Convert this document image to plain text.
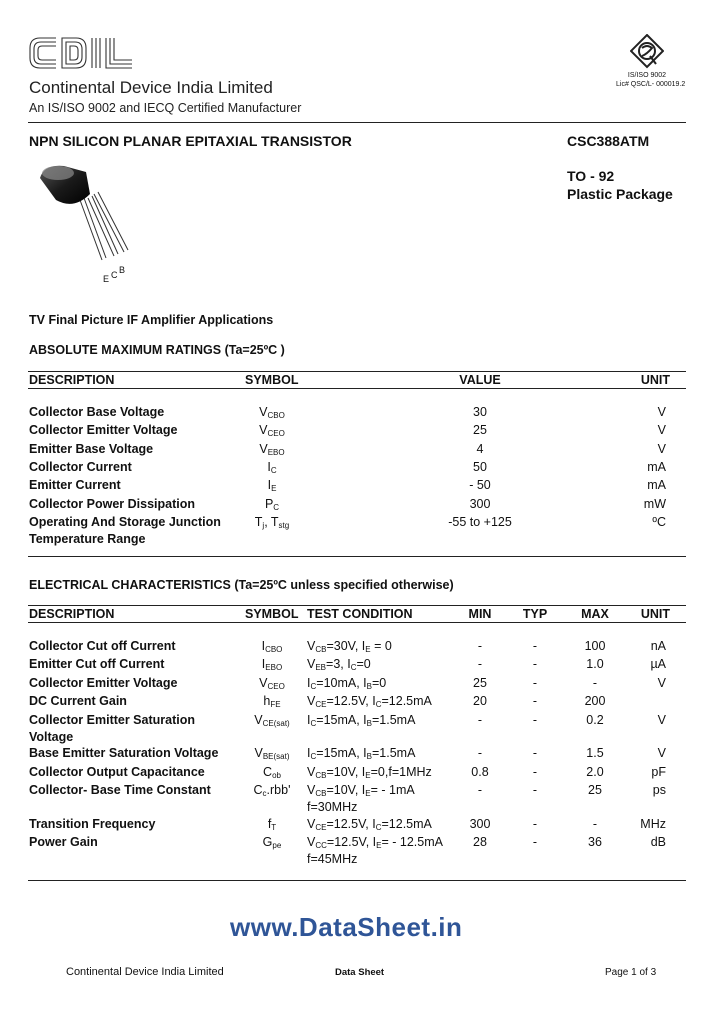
Continental Device India Limited
An IS/ISO 9002 and IECQ Certified Manufacturer
IS/ISO 9002
Lic# QSC/L- 000019.2
NPN SILICON PLANAR EPITAXIAL TRANSISTOR	CSC388ATM
TO - 92
Plastic Package
E C B
TV Final Picture IF Amplifier Applications
ABSOLUTE MAXIMUM RATINGS (Ta=25ºC )
DESCRIPTION	SYMBOL	VALUE	UNIT
Collector Base Voltage	$V_{CBO}$	30	V
Collector Emitter Voltage	$V_{CEO}$	25	V
Emitter Base Voltage	$V_{EBO}$	4	V
Collector Current	$I_C$	50	mA
Emitter Current	$I_E$	- 50	mA
Collector Power Dissipation	$P_C$	300	mW
Operating And Storage Junction	$T_j$, $T_{stg}$	-55 to +125	ºC
Temperature Range
ELECTRICAL CHARACTERISTICS (Ta=25ºC unless specified otherwise)
DESCRIPTION	SYMBOL TEST CONDITION	MIN	TYP	MAX	UNIT
Collector Cut off Current	$I_{CBO}$	$V_{CB}=30V$, $I_E = 0$	-	-	100	nA
Emitter Cut off Current	$I_{EBO}$	$V_{EB}=3$, $I_C=0$	-	-	1.0	µA
Collector Emitter Voltage	$V_{CEO}$	$I_C=10mA$, $I_B=0$	25	-	-	V
DC Current Gain	$h_{FE}$	$V_{CE}=12.5V$, $I_C=12.5mA$	20	-	200
Collector Emitter Saturation	$V_{CE(sat)}$	$I_C=15mA$, $I_B=1.5mA$	-	-	0.2	V
Voltage
Base Emitter Saturation Voltage	$V_{BE(sat)}$	$I_C=15mA$, $I_B=1.5mA$	-	-	1.5	V
Collector Output Capacitance	$C_{ob}$	$V_{CB}=10V$, $I_E=0,f=1MHz$	0.8	-	2.0	pF
Collector- Base Time Constant	$C_c.rbb'$	$V_{CB}=10V$, $I_E= - 1mA$	-	-	25	ps
f=30MHz
Transition Frequency	$f_T$	$V_{CE}=12.5V$, $I_C=12.5mA$	300	-	-	MHz
Power Gain	$G_{pe}$	$V_{CC}=12.5V$, $I_E= - 12.5mA$	28	-	36	dB
f=45MHz
www.DataSheet.in
Continental Device India Limited	Data Sheet	Page 1 of 3
